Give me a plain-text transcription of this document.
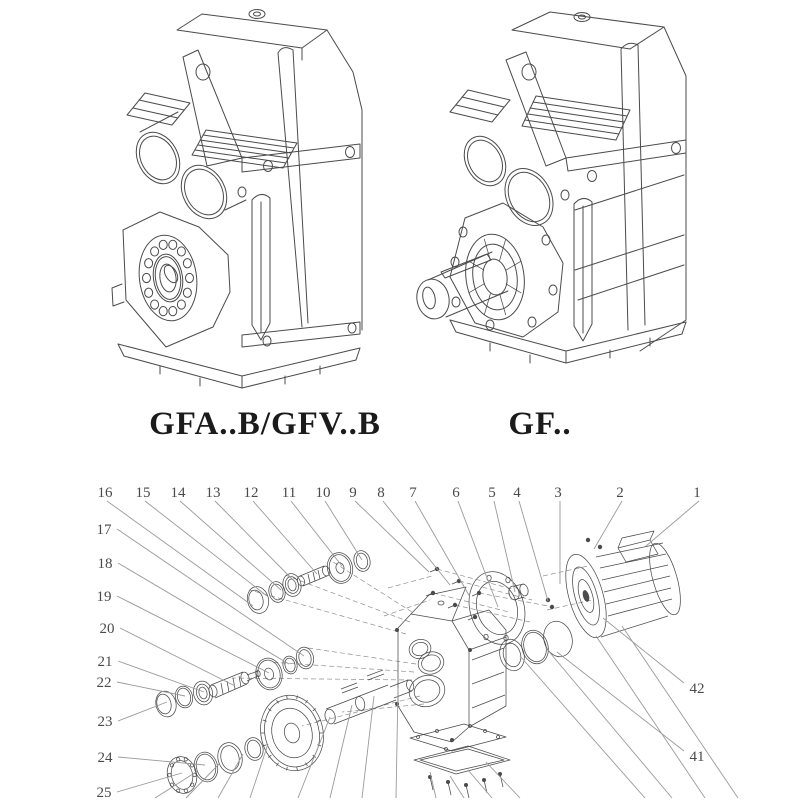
16 15 14 13 12 11 10 9 8 7 6 5 4 3	2	1
17
18
19
20
21
22
23
24
25
42
41
GFA..B/GFV..B	GF..
